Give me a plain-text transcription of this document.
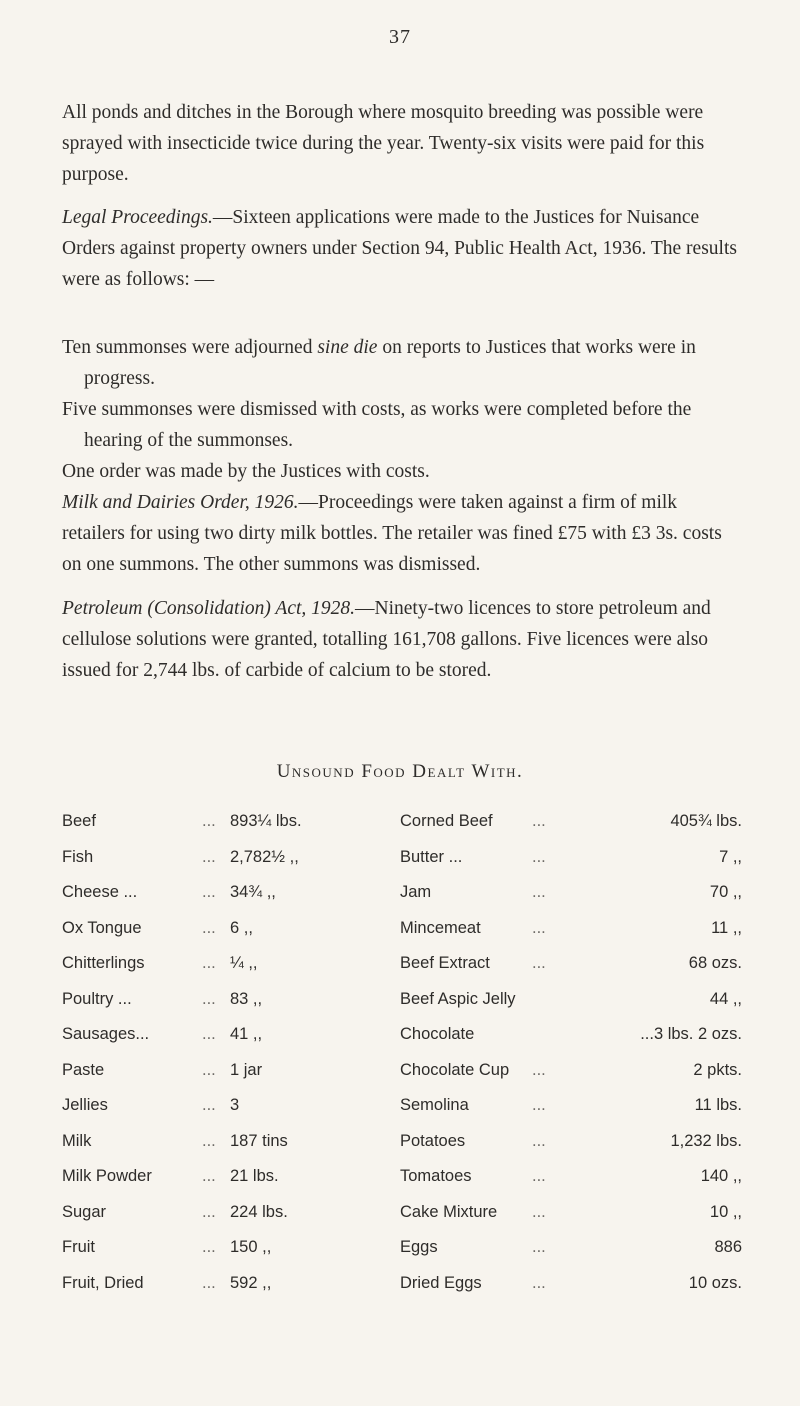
37

All ponds and ditches in the Borough where mosquito breeding was possible were sprayed with insecticide twice during the year. Twenty-six visits were paid for this purpose.

Legal Proceedings.—Sixteen applications were made to the Justices for Nuisance Orders against property owners under Section 94, Public Health Act, 1936. The results were as follows: —

Ten summonses were adjourned sine die on reports to Justices that works were in progress.

Five summonses were dismissed with costs, as works were completed before the hearing of the summonses.

One order was made by the Justices with costs.

Milk and Dairies Order, 1926.—Proceedings were taken against a firm of milk retailers for using two dirty milk bottles. The retailer was fined £75 with £3 3s. costs on one summons. The other summons was dismissed.

Petroleum (Consolidation) Act, 1928.—Ninety-two licences to store petroleum and cellulose solutions were granted, totalling 161,708 gallons. Five licences were also issued for 2,744 lbs. of carbide of calcium to be stored.

Unsound Food Dealt With.
Beef	... 893¼ lbs.	Corned Beef ...	405¾ lbs.
Fish	... 2,782½ ,,	Butter ...	...	7 ,,
Cheese ...	... 34¾ ,,	Jam	...	70 ,,
Ox Tongue	... 6 ,,	Mincemeat	...	11 ,,
Chitterlings	... ¼ ,,	Beef Extract	...	68 ozs.
Poultry ...	... 83 ,,	Beef Aspic Jelly	44 ,,
Sausages...	... 41 ,,	Chocolate	...3 lbs. 2 ozs.
Paste	... 1 jar	Chocolate Cup ...	2 pkts.
Jellies	... 3	Semolina	...	11 lbs.
Milk	... 187 tins	Potatoes	...	1,232 lbs.
Milk Powder	... 21 lbs.	Tomatoes	...	140 ,,
Sugar	... 224 lbs.	Cake Mixture ...	10 ,,
Fruit	... 150 ,,	Eggs	...	886
Fruit, Dried	... 592 ,,	Dried Eggs	...	10 ozs.
